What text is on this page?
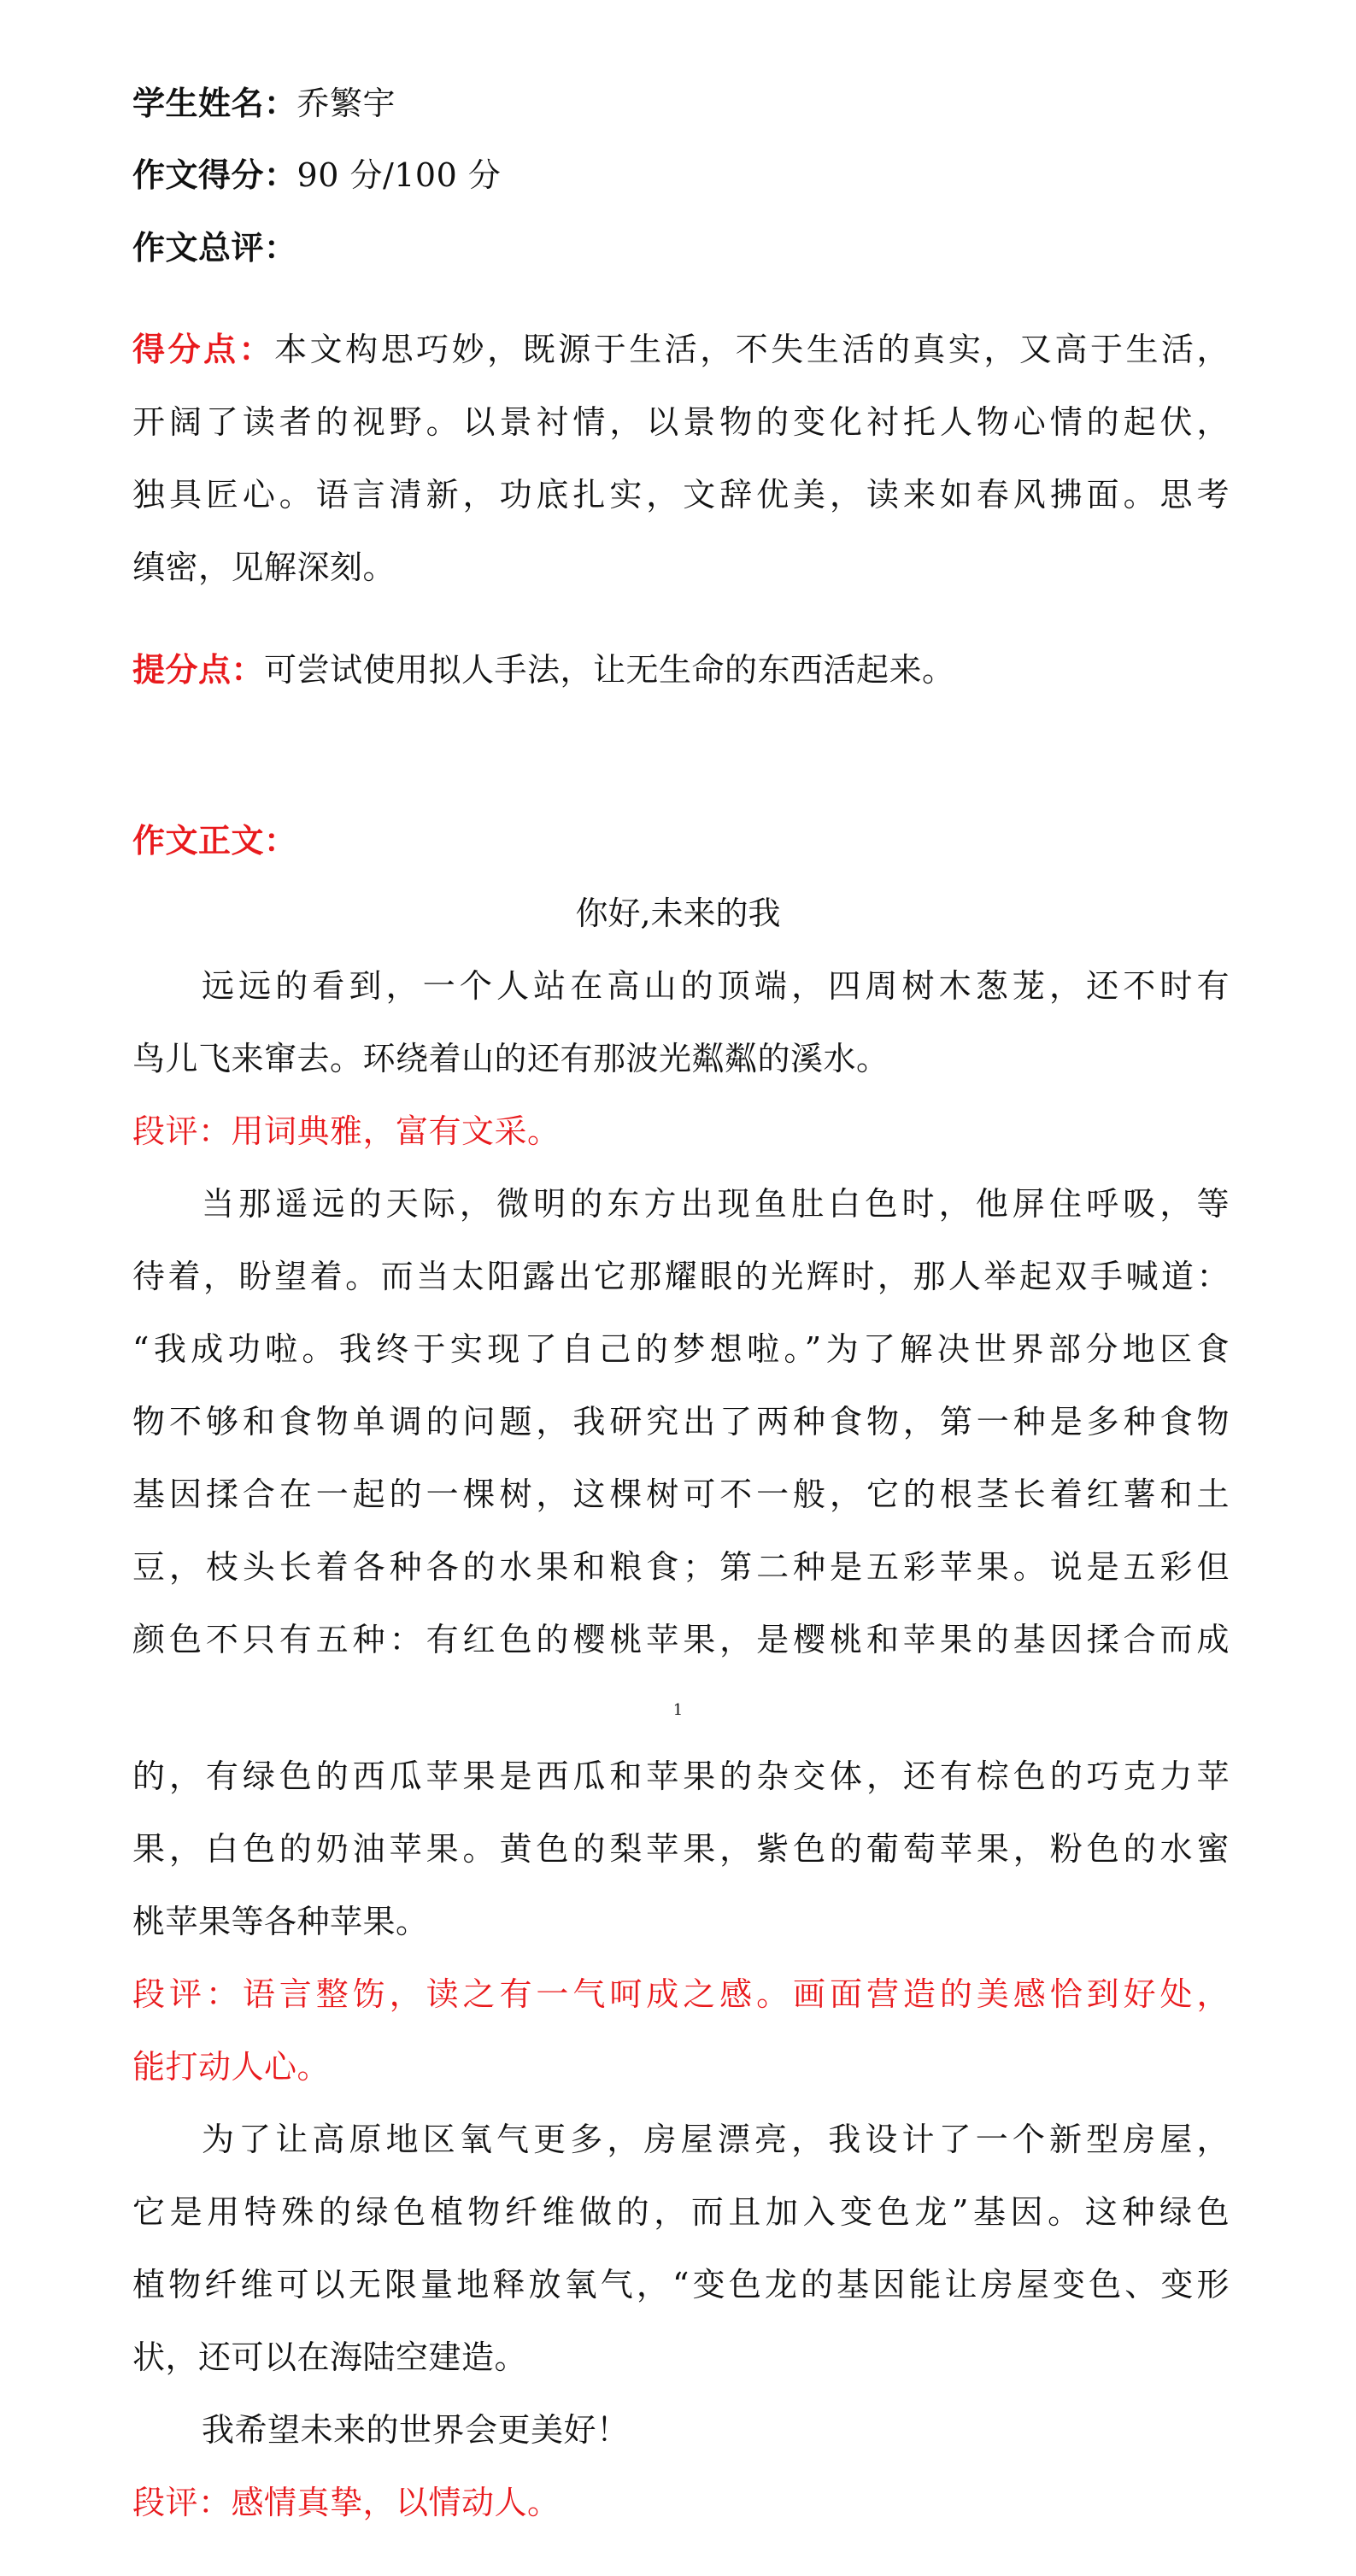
学生姓名：乔繁宇
作文得分：90 分/100 分
作文总评：
得分点：本文构思巧妙，既源于生活，不失生活的真实，又高于生活，
开阔了读者的视野。以景衬情，以景物的变化衬托人物心情的起伏，
独具匠心。语言清新，功底扎实，文辞优美，读来如春风拂面。思考
缜密，见解深刻。
提分点：可尝试使用拟人手法，让无生命的东西活起来。
作文正文：
你好,未来的我
远远的看到，一个人站在高山的顶端，四周树木葱茏，还不时有
鸟儿飞来窜去。环绕着山的还有那波光粼粼的溪水。
段评：用词典雅，富有文采。
当那遥远的天际，微明的东方出现鱼肚白色时，他屏住呼吸，等
待着，盼望着。而当太阳露出它那耀眼的光辉时，那人举起双手喊道：
“我成功啦。我终于实现了自己的梦想啦。”为了解决世界部分地区食
物不够和食物单调的问题，我研究出了两种食物，第一种是多种食物
基因揉合在一起的一棵树，这棵树可不一般，它的根茎长着红薯和土
豆，枝头长着各种各的水果和粮食；第二种是五彩苹果。说是五彩但
颜色不只有五种：有红色的樱桃苹果，是樱桃和苹果的基因揉合而成
1
的，有绿色的西瓜苹果是西瓜和苹果的杂交体，还有棕色的巧克力苹
果，白色的奶油苹果。黄色的梨苹果，紫色的葡萄苹果，粉色的水蜜
桃苹果等各种苹果。
段评：语言整饬，读之有一气呵成之感。画面营造的美感恰到好处，
能打动人心。
为了让高原地区氧气更多，房屋漂亮，我设计了一个新型房屋，
它是用特殊的绿色植物纤维做的，而且加入变色龙”基因。这种绿色
植物纤维可以无限量地释放氧气，“变色龙的基因能让房屋变色、变形
状，还可以在海陆空建造。
我希望未来的世界会更美好！
段评：感情真挚，以情动人。
